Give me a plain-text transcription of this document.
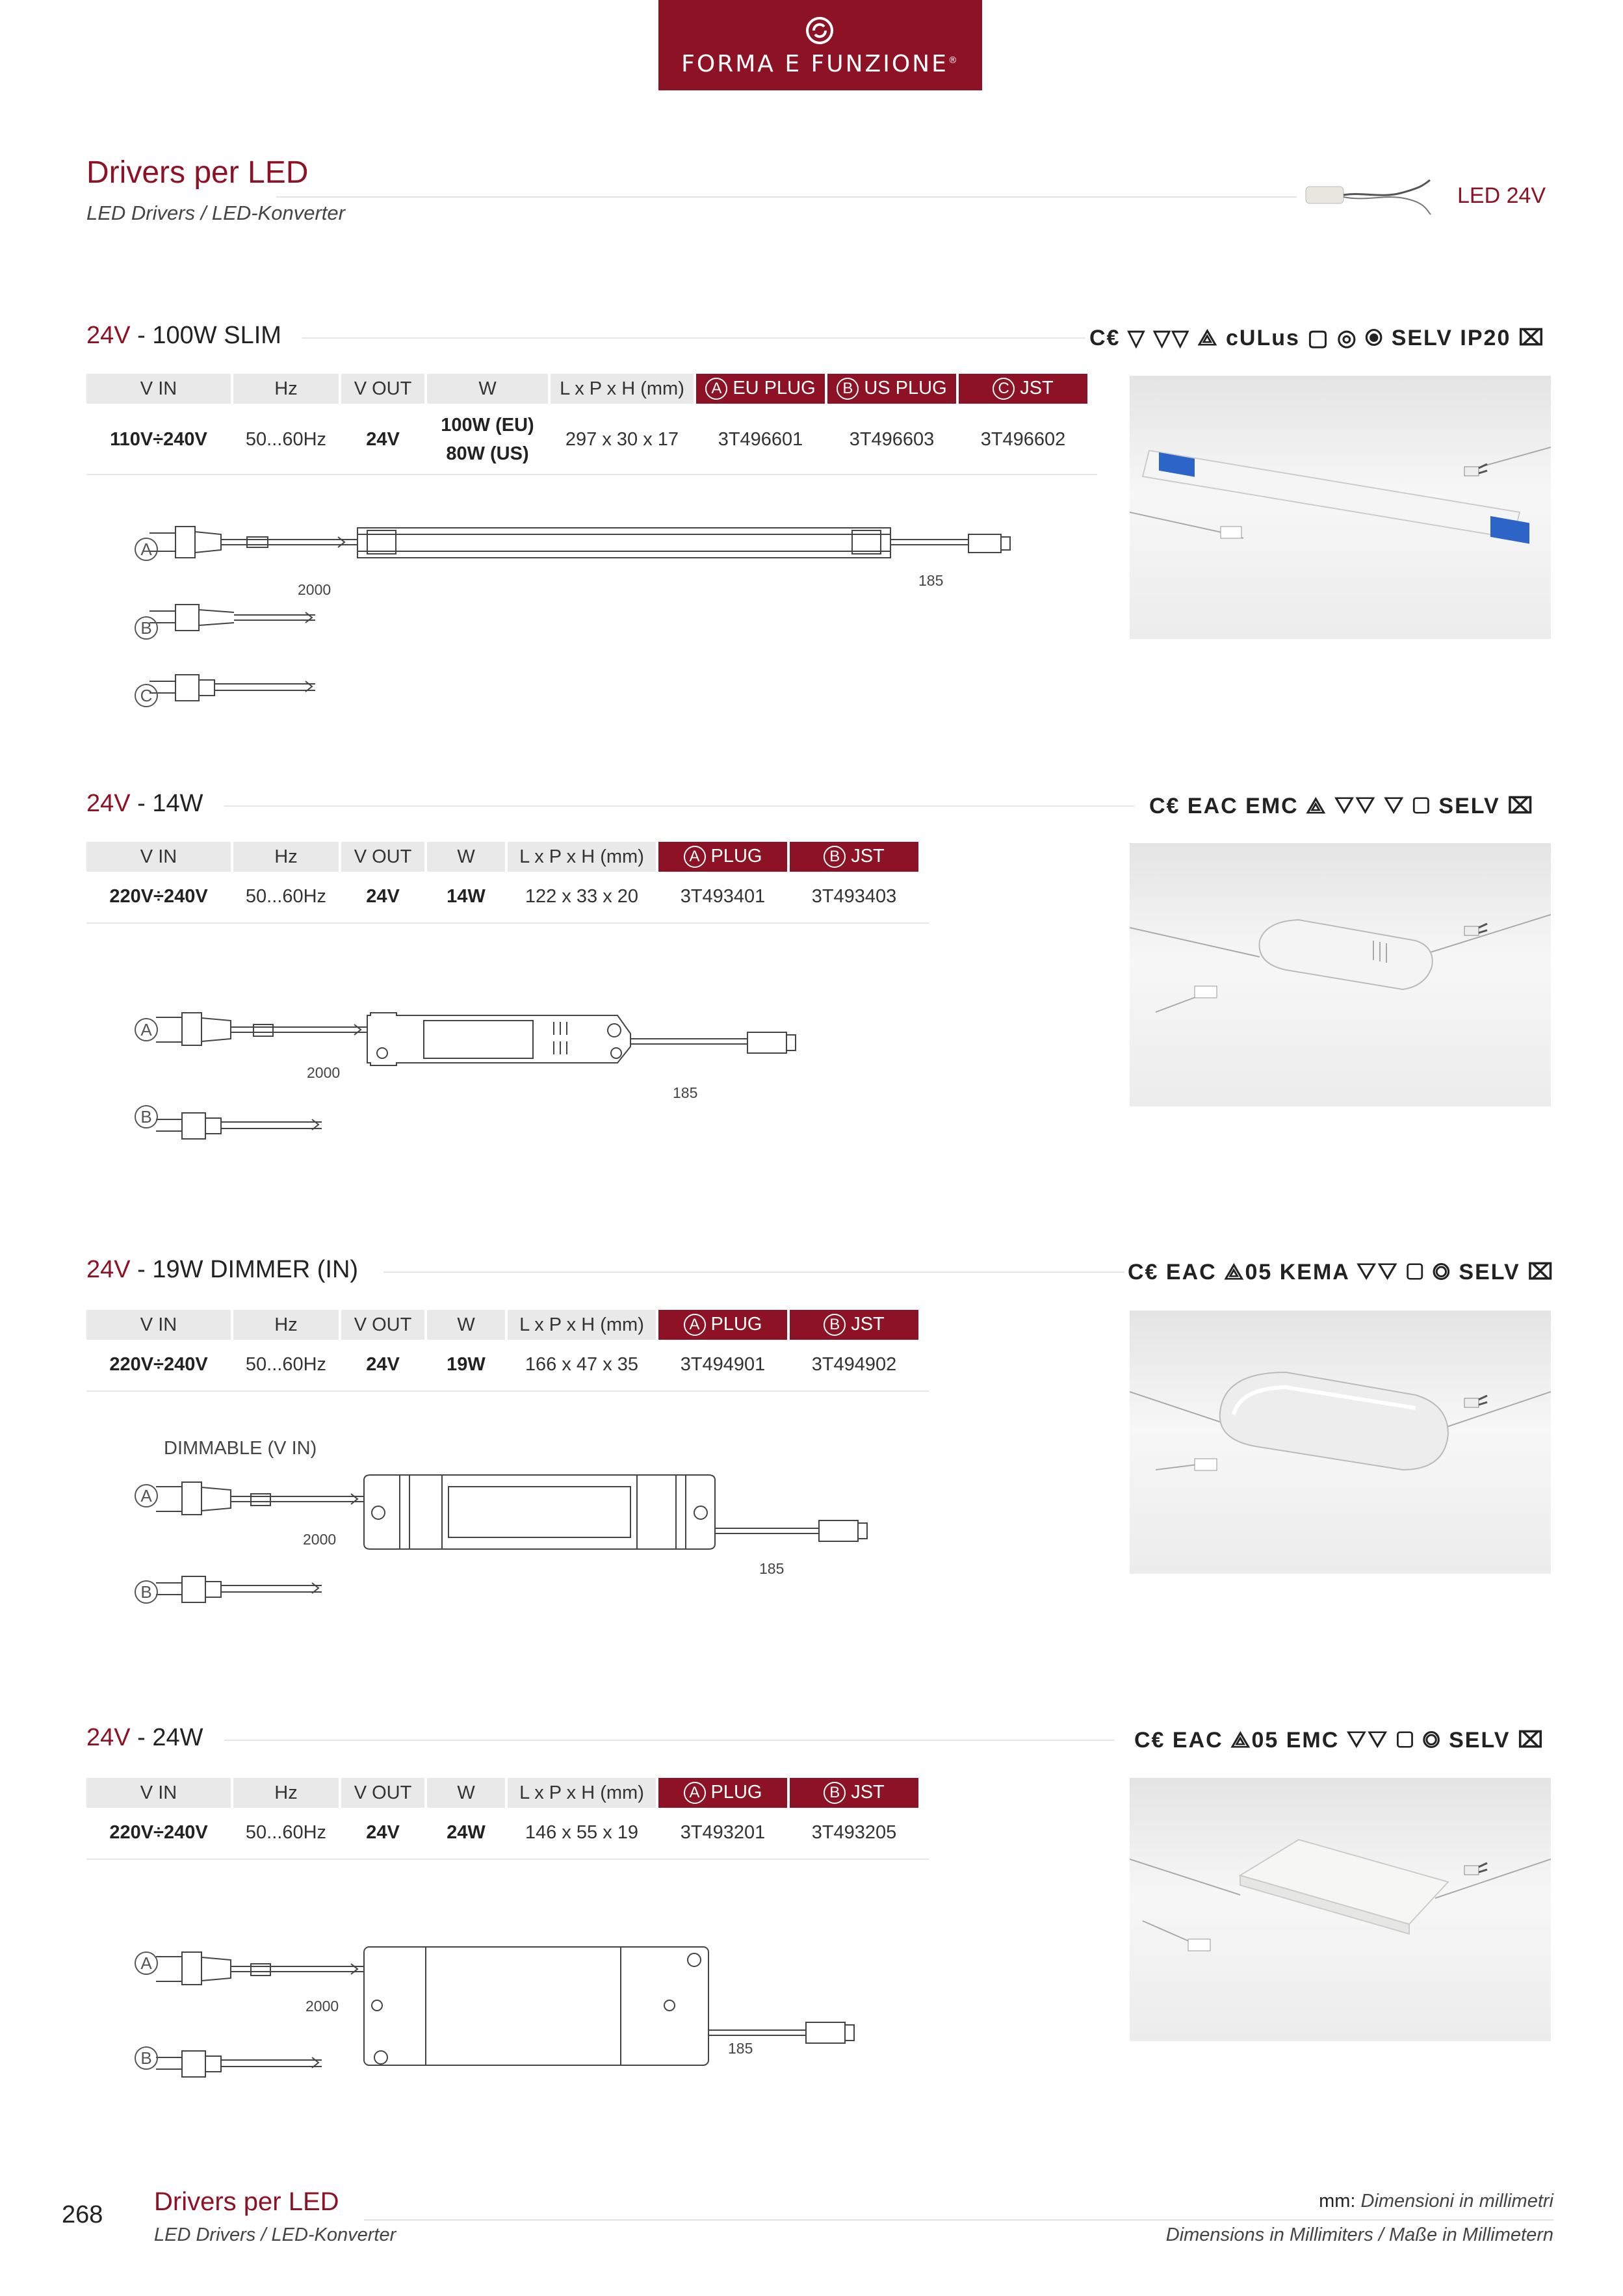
FORMA E FUNZIONE®
Drivers per LED
LED Drivers / LED-Konverter
LED 24V
24V - 100W SLIM	C€ ▽ ▽▽ ⟁ cULus ▢ ◎ ⦿ SELV IP20 ⌧
V IN	Hz	V OUT	W	L x P x H (mm)	A EU PLUG	B US PLUG	C JST
110V÷240V	50...60Hz	24V	100W (EU)
80W (US)	297 x 30 x 17	3T496601	3T496603	3T496602
A
B
C
2000
185
24V - 14W	C€ EAC EMC ⟁ ▽▽ ▽ ▢ SELV ⌧
V IN	Hz	V OUT	W	L x P x H (mm)	A PLUG	B JST
220V÷240V	50...60Hz	24V	14W	122 x 33 x 20	3T493401	3T493403
A
B
2000
185
24V - 19W DIMMER (IN)	C€ EAC ⟁05 KEMA ▽▽ ▢ ◎ SELV ⌧
V IN	Hz	V OUT	W	L x P x H (mm)	A PLUG	B JST
220V÷240V	50...60Hz	24V	19W	166 x 47 x 35	3T494901	3T494902
DIMMABLE (V IN)
A
B
2000
185
24V - 24W	C€ EAC ⟁05 EMC ▽▽ ▢ ◎ SELV ⌧
V IN	Hz	V OUT	W	L x P x H (mm)	A PLUG	B JST
220V÷240V	50...60Hz	24V	24W	146 x 55 x 19	3T493201	3T493205
A
B
2000
185
268 Drivers per LED
LED Drivers / LED-Konverter
mm: Dimensioni in millimetri
Dimensions in Millimiters / Maße in Millimetern
